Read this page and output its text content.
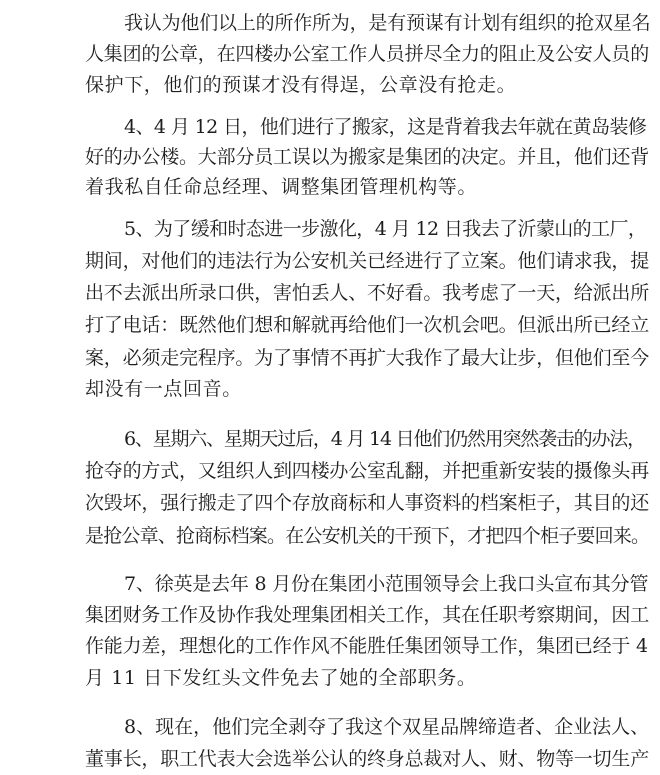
我认为他们以上的所作所为，是有预谋有计划有组织的抢双星名
人集团的公章，在四楼办公室工作人员拼尽全力的阻止及公安人员的
保护下，他们的预谋才没有得逞，公章没有抢走。
4、4 月 12 日，他们进行了搬家，这是背着我去年就在黄岛装修
好的办公楼。大部分员工误以为搬家是集团的决定。并且，他们还背
着我私自任命总经理、调整集团管理机构等。
5、为了缓和时态进一步激化，4 月 12 日我去了沂蒙山的工厂，
期间，对他们的违法行为公安机关已经进行了立案。他们请求我，提
出不去派出所录口供，害怕丢人、不好看。我考虑了一天，给派出所
打了电话：既然他们想和解就再给他们一次机会吧。但派出所已经立
案，必须走完程序。为了事情不再扩大我作了最大让步，但他们至今
却没有一点回音。
6、星期六、星期天过后，4 月 14 日他们仍然用突然袭击的办法，
抢夺的方式，又组织人到四楼办公室乱翻，并把重新安装的摄像头再
次毁坏，强行搬走了四个存放商标和人事资料的档案柜子，其目的还
是抢公章、抢商标档案。在公安机关的干预下，才把四个柜子要回来。
7、徐英是去年 8 月份在集团小范围领导会上我口头宣布其分管
集团财务工作及协作我处理集团相关工作，其在任职考察期间，因工
作能力差，理想化的工作作风不能胜任集团领导工作，集团已经于 4
月 11 日下发红头文件免去了她的全部职务。
8、现在，他们完全剥夺了我这个双星品牌缔造者、企业法人、
董事长，职工代表大会选举公认的终身总裁对人、财、物等一切生产
